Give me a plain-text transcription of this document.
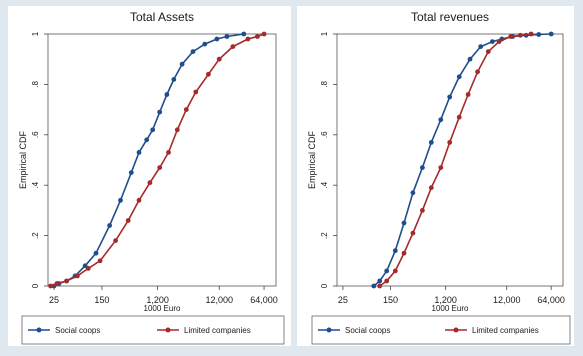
Total Assets
0
.2
.4
.6
.8
1
Empirical CDF
25	150	1,200	12,000 64,000
1000 Euro
Social coops	Limited companies
Total revenues
0
.2
.4
.6
.8
1
Empirical CDF
25	150	1,200	12,000 64,000
1000 Euro
Social coops	Limited companies
